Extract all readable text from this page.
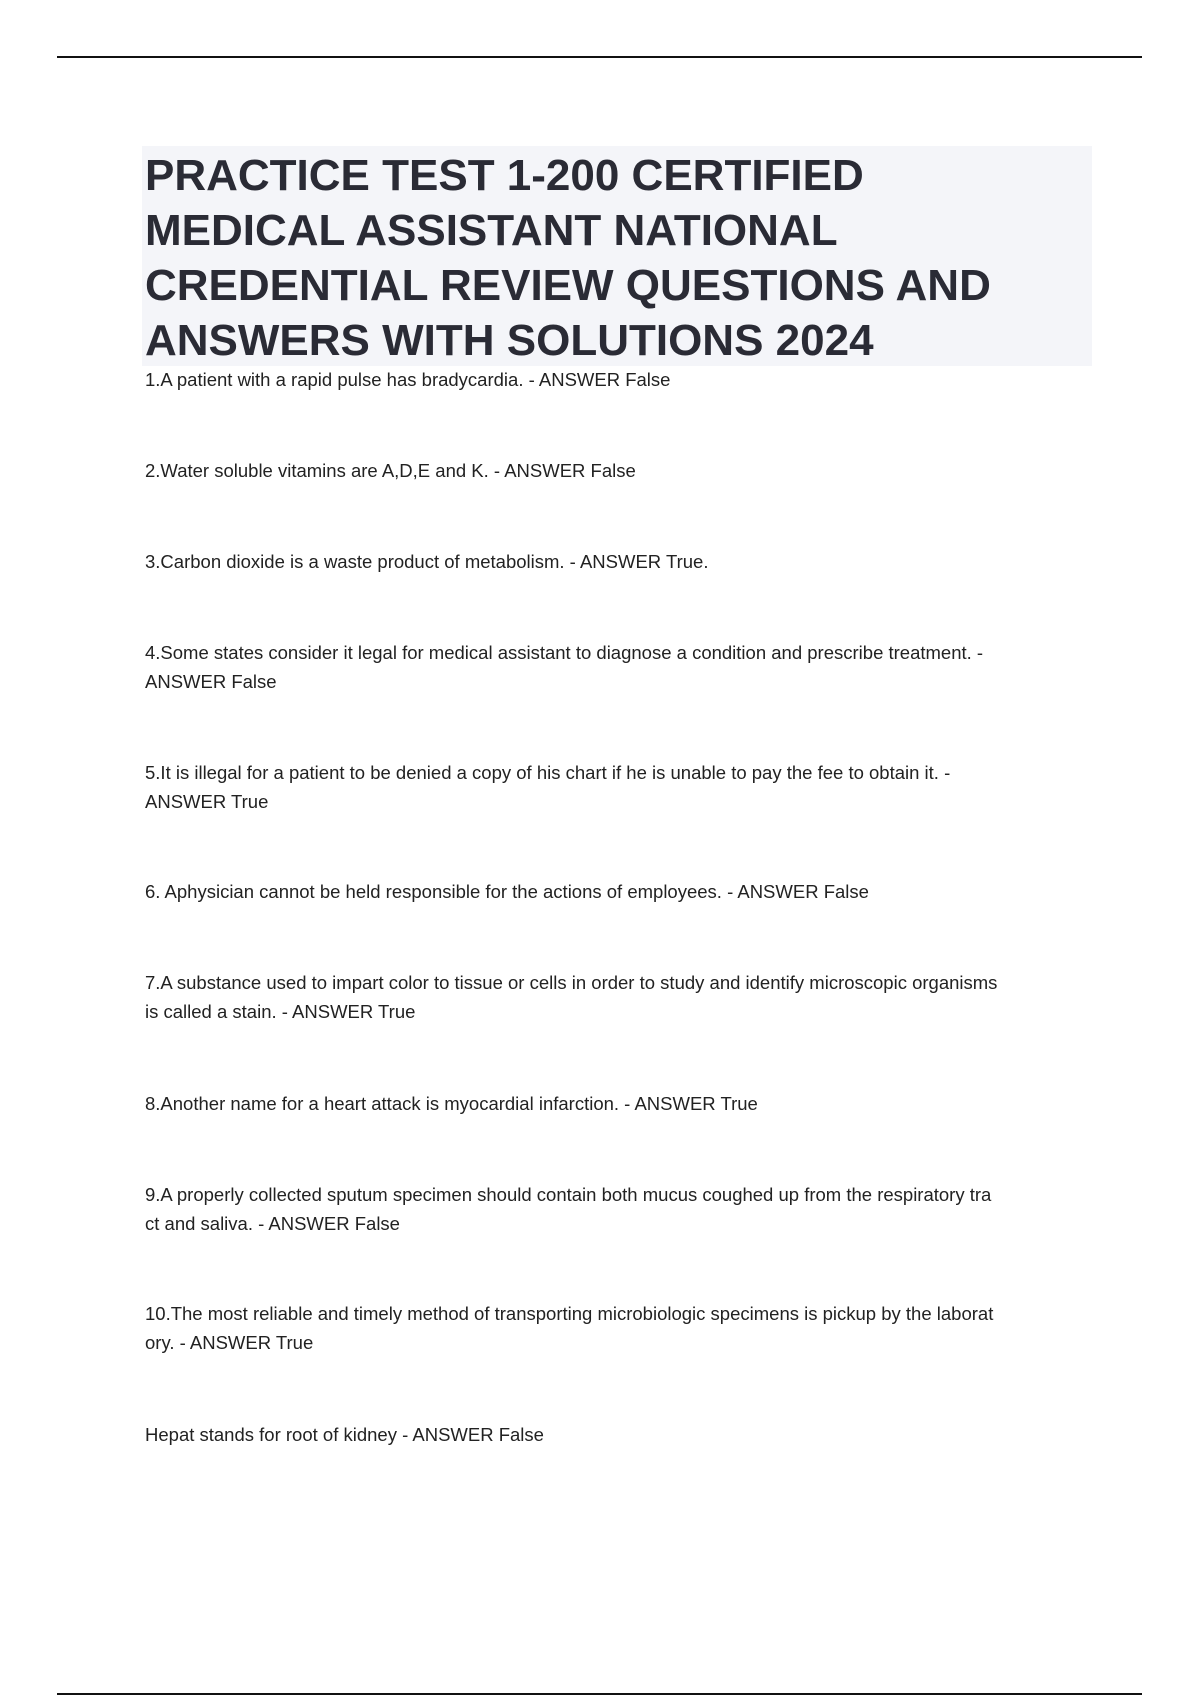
PRACTICE TEST 1-200 CERTIFIED
MEDICAL ASSISTANT NATIONAL
CREDENTIAL REVIEW QUESTIONS AND
ANSWERS WITH SOLUTIONS 2024
1.A patient with a rapid pulse has bradycardia. - ANSWER False
2.Water soluble vitamins are A,D,E and K. - ANSWER False
3.Carbon dioxide is a waste product of metabolism. - ANSWER True.
4.Some states consider it legal for medical assistant to diagnose a condition and prescribe treatment. -
ANSWER False
5.It is illegal for a patient to be denied a copy of his chart if he is unable to pay the fee to obtain it. -
ANSWER True
6. Aphysician cannot be held responsible for the actions of employees. - ANSWER False
7.A substance used to impart color to tissue or cells in order to study and identify microscopic organisms
is called a stain. - ANSWER True
8.Another name for a heart attack is myocardial infarction. - ANSWER True
9.A properly collected sputum specimen should contain both mucus coughed up from the respiratory tra
ct and saliva. - ANSWER False
10.The most reliable and timely method of transporting microbiologic specimens is pickup by the laborat
ory. - ANSWER True
Hepat stands for root of kidney - ANSWER False
